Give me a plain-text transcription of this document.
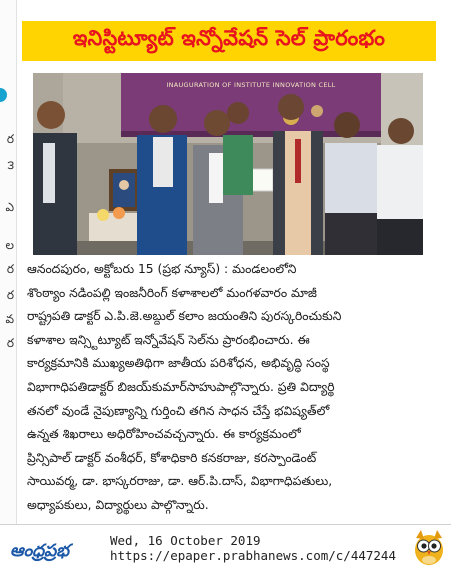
ర
౩
ఎ
ల
ర
ర
వ
ర
ఇనిస్టిట్యూట్ ఇన్నోవేషన్ సెల్ ప్రారంభం
INAUGURATION OF INSTITUTE INNOVATION CELL
ఆనందపురం, అక్టోబరు 15 (ప్రభ న్యూస్) : మండలంలోని
శొంఠ్యాం నడింపల్లి ఇంజనీరింగ్ కళాశాలలో మంగళవారం మాజీ
రాష్ట్రపతి డాక్టర్ ఎ.పి.జె.అబ్దుల్ కలాం జయంతిని పురస్కరించుకుని
కళాశాల ఇన్స్టిట్యూట్ ఇన్నోవేషన్ సెల్‌ను ప్రారంభించారు. ఈ
కార్యక్రమానికి ముఖ్యఅతిథిగా జాతీయ పరిశోధన, అభివృద్ధి సంస్థ
విభాగాధిపతిడాక్టర్ బిజయ్‌కుమార్‌సాహు‌పాల్గొన్నారు. ప్రతి విద్యార్థి
తనలో వుండే నైపుణ్యాన్ని గుర్తించి తగిన సాధన చేస్తే భవిష్యత్‌లో
ఉన్నత శిఖరాలు అధిరోహించవచ్చన్నారు. ఈ కార్యక్రమంలో
ప్రిన్సిపాల్ డాక్టర్ వంశీధర్, కోశాధికారి కనకరాజు, కరస్పాండెంట్
సాయివర్మ, డా. భాస్కరరాజు, డా. ఆర్.పి.దాస్, విభాగాధిపతులు,
అధ్యాపకులు, విద్యార్థులు పాల్గొన్నారు.
ఆంధ్రప్రభ
Wed, 16 October 2019
https://epaper.prabhanews.com/c/447244
